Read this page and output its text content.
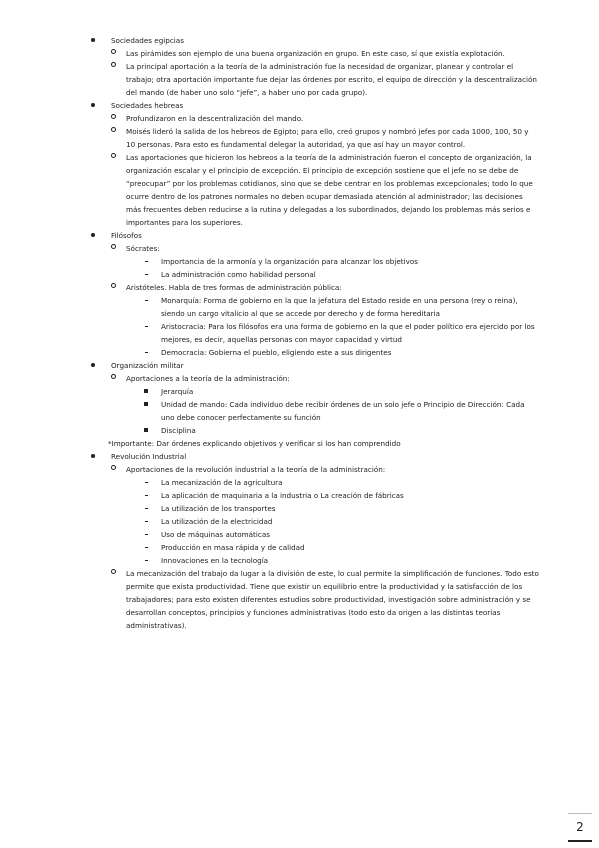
Sociedades egipcias
Las pirámides son ejemplo de una buena organización en grupo. En este caso, sí que existía explotación.
La principal aportación a la teoría de la administración fue la necesidad de organizar, planear y controlar el trabajo; otra aportación importante fue dejar las órdenes por escrito, el equipo de dirección y la descentralización del mando (de haber uno solo “jefe”, a haber uno por cada grupo).
Sociedades hebreas
Profundizaron en la descentralización del mando.
Moisés lideró la salida de los hebreos de Egipto; para ello, creó grupos y nombró jefes por cada 1000, 100, 50 y 10 personas. Para esto es fundamental delegar la autoridad, ya que así hay un mayor control.
Las aportaciones que hicieron los hebreos a la teoría de la administración fueron el concepto de organización, la organización escalar y el principio de excepción. El principio de excepción sostiene que el jefe no se debe de “preocupar” por los problemas cotidianos, sino que se debe centrar en los problemas excepcionales; todo lo que ocurre dentro de los patrones normales no deben ocupar demasiada atención al administrador; las decisiones más frecuentes deben reducirse a la rutina y delegadas a los subordinados, dejando los problemas más serios e importantes para los superiores.
Filósofos
Sócrates:
Importancia de la armonía y la organización para alcanzar los objetivos
La administración como habilidad personal
Aristóteles. Habla de tres formas de administración pública:
Monarquía: Forma de gobierno en la que la jefatura del Estado reside en una persona (rey o reina), siendo un cargo vitalicio al que se accede por derecho y de forma hereditaria
Aristocracia: Para los filósofos era una forma de gobierno en la que el poder político era ejercido por los mejores, es decir, aquellas personas con mayor capacidad y virtud
Democracia: Gobierna el pueblo, eligiendo este a sus dirigentes
Organización militar
Aportaciones a la teoría de la administración:
Jerarquía
Unidad de mando: Cada individuo debe recibir órdenes de un solo jefe o Principio de Dirección: Cada uno debe conocer perfectamente su función
Disciplina
*Importante: Dar órdenes explicando objetivos y verificar si los han comprendido
Revolución Industrial
Aportaciones de la revolución industrial a la teoría de la administración:
La mecanización de la agricultura
La aplicación de maquinaria a la industria o La creación de fábricas
La utilización de los transportes
La utilización de la electricidad
Uso de máquinas automáticas
Producción en masa rápida y de calidad
Innovaciones en la tecnología
La mecanización del trabajo da lugar a la división de este, lo cual permite la simplificación de funciones. Todo esto permite que exista productividad. Tiene que existir un equilibrio entre la productividad y la satisfacción de los trabajadores; para esto existen diferentes estudios sobre productividad, investigación sobre administración y se desarrollan conceptos, principios y funciones administrativas (todo esto da origen a las distintas teorías administrativas).
2
